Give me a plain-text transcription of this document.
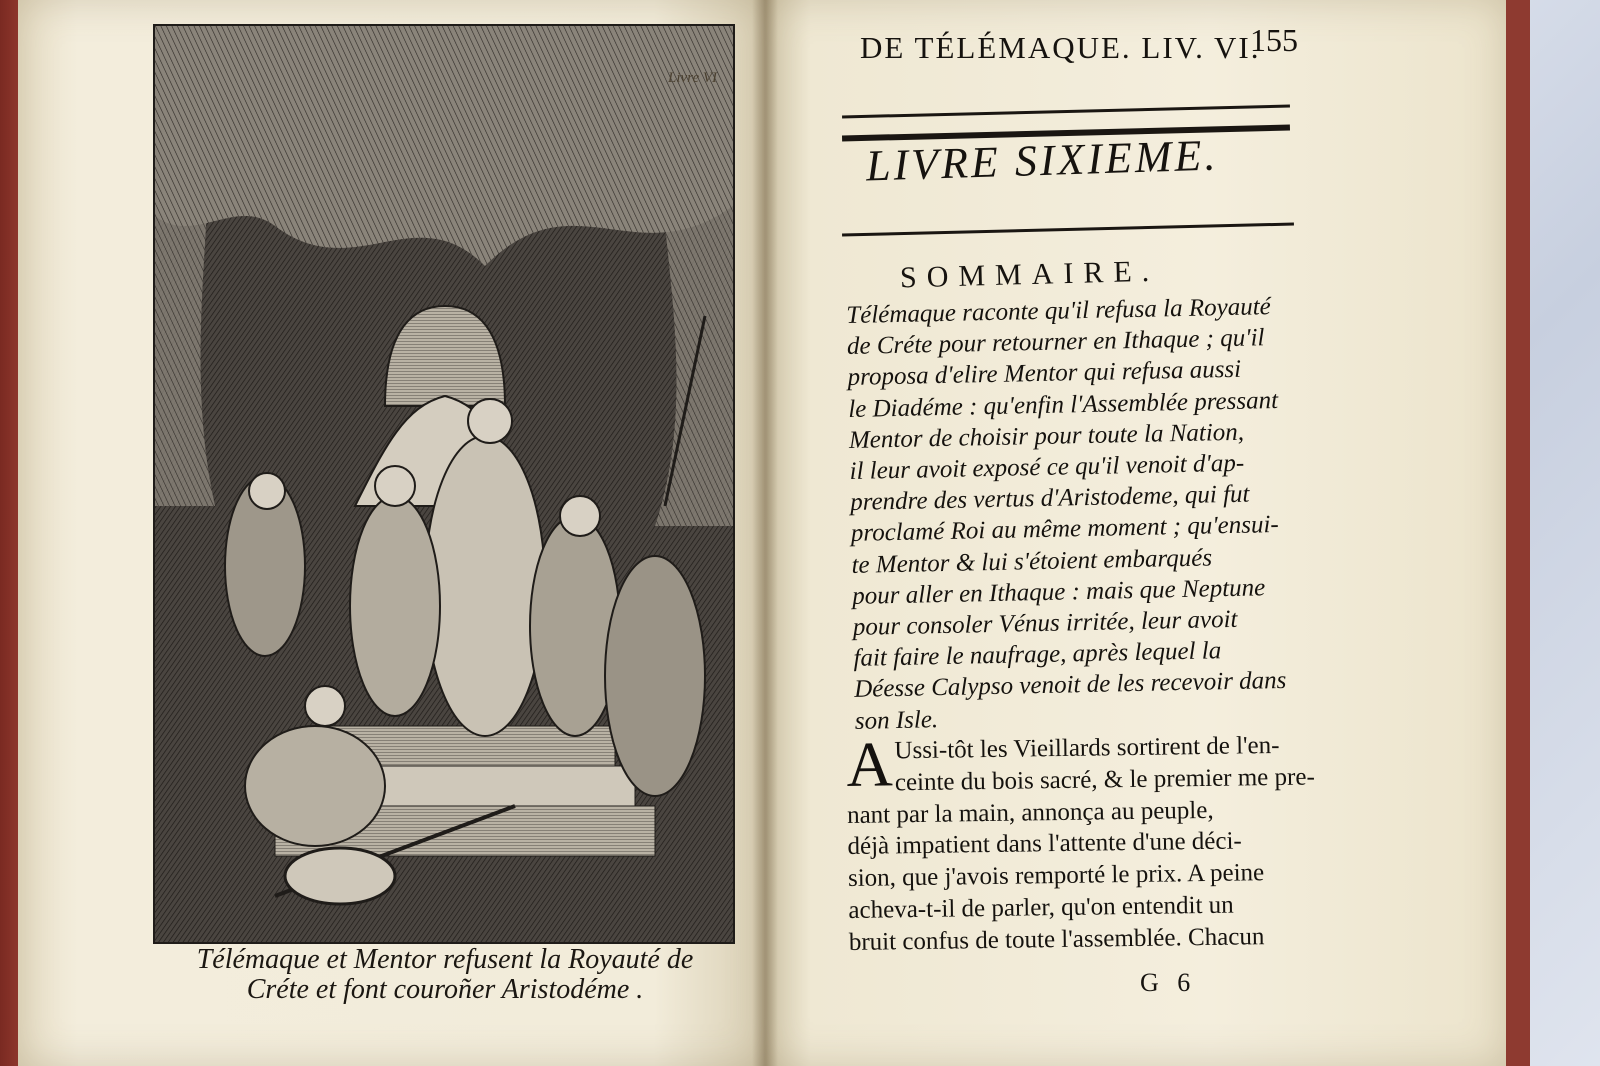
Livre VI
Télémaque et Mentor refusent la Royauté de
Créte et font couroñer Aristodéme .
DE TÉLÉMAQUE. LIV. VI.
155
LIVRE SIXIEME.
SOMMAIRE.
Télémaque raconte qu'il refusa la Royauté
de Créte pour retourner en Ithaque ; qu'il
proposa d'elire Mentor qui refusa aussi
le Diadéme : qu'enfin l'Assemblée pressant
Mentor de choisir pour toute la Nation,
il leur avoit exposé ce qu'il venoit d'ap-
prendre des vertus d'Aristodeme, qui fut
proclamé Roi au même moment ; qu'ensui-
te Mentor & lui s'étoient embarqués
pour aller en Ithaque : mais que Neptune
pour consoler Vénus irritée, leur avoit
fait faire le naufrage, après lequel la
Déesse Calypso venoit de les recevoir dans
son Isle.
A Ussi-tôt les Vieillards sortirent de l'en-
ceinte du bois sacré, & le premier me pre-
nant par la main, annonça au peuple,
déjà impatient dans l'attente d'une déci-
sion, que j'avois remporté le prix. A peine
acheva-t-il de parler, qu'on entendit un
bruit confus de toute l'assemblée. Chacun
G 6
